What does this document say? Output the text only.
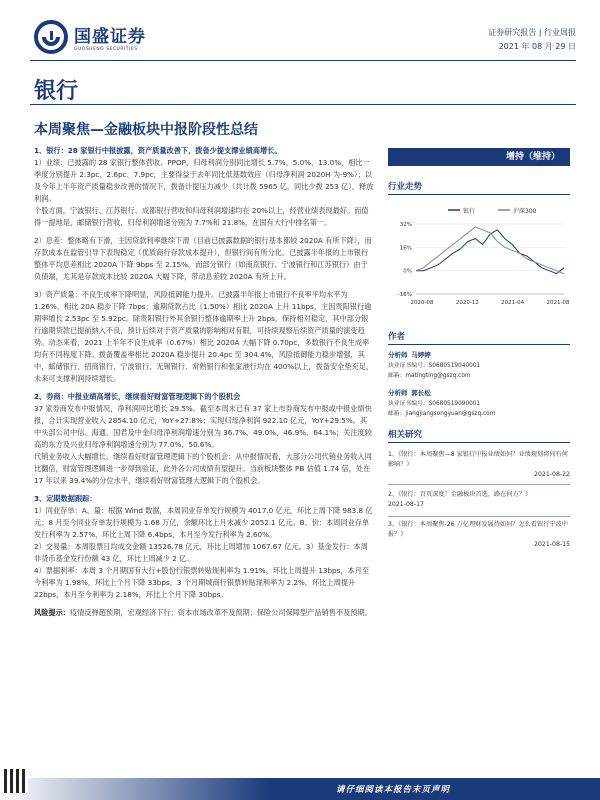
国盛证券
GUOSHENG SECURITIES
证券研究报告 | 行业周报
2021 年 08 月 29 日
银行
本周聚焦—金融板块中报阶段性总结

1、银行：28 家银行中报披露，资产质量改善下，拨备少提支撑业绩高增长。

1）业绩：已披露的 28 家银行整体营收、PPOP、归母利润分别同比增长 5.7%、5.0%、13.0%，相比一季度分别提升 2.3pc、2.6pc、7.9pc，主要得益于去年同比低基数效应（归母净利润 2020H 为-9%）；以及今年上半年资产质量稳步改善的情况下，拨备计提压力减少（共计拨 5965 亿，同比少拨 253 亿），释放利润。

个股方面，宁波银行、江苏银行、成都银行营收和归母利润增速均在 20%以上，经营业绩表现最好。而值得一提地是，邮储银行营收，归母利润增速分别为 7.7%和 21.8%，在国有大行中排名第一。

2）息差：整体略有下滑，主因贷款利率继续下滑（目前已披露数据的银行基本都较 2020A 有所下降），而存款成本在监管引导下表现稳定（优质商行存款成本提升），但银行间有所分化。已披露半年报的上市银行整体平均息差相比 2020A 下降 9bps 至 2.15%。而部分银行（如南京银行、宁波银行和江苏银行）由于负债端，尤其是存款成本比较 2020A 大幅下降，带动息差较 2020A 有所上升。

3）资产质量：不良生成率下降明显，风险抵御能力提升。已披露半年报上市银行不良率平均水平为 1.26%，相比 20A 稳步下降 7bps；逾期贷款占比（1.50%）相比 2020A 上升 11bps，主因贵阳银行逾期率增长 2.53pc 至 5.92pc。除贵阳银行外其余银行整体逾期率上升 2bps，保持相对稳定，其中部分银行逾期贷款已提前纳入不良，预计后续对于资产质量的影响相对有限，可持续观察后续资产质量的演变趋势。动态来看，2021 上半年不良生成率（0.67%）相比 2020A 大幅下降 0.70pc，多数银行不良生成率均有不同程度下降。拨备覆盖率相比 2020A 稳步提升 20.4pc 至 304.4%，风险抵御能力稳步增强，其中，邮储银行、招商银行、宁波银行、无锡银行、常熟银行和张家港行均在 400%以上，拨备安全垫充足，未来可支撑利润持续增长。

2、券商：中报业绩高增长，继续看好财富管理逻辑下的个股机会

37 家券商发布中报情况，净利润同比增长 29.5%。截至本周末已有 37 家上市券商发布中报或中报业绩快报，合计实现营业收入 2854.10 亿元，YoY+27.8%；实现归母净利润 922.10 亿元，YoY+29.5%。其中头部公司中信、海通、国君及中金归母净利润增速分别为 36.7%、49.0%、46.9%、64.1%；关注度较高的东方及兴业归母净利润增速分别为 77.0%、50.6%。

代销业务收入大幅增长，继续看好财富管理逻辑下的个股机会：从中报情况看，大部分公司代销业务收入同比翻倍，财富管理逻辑进一步得到验证，此外各公司成绩有望提升。当前板块整体 PB 估值 1.74 倍，处在 17 年以来 39.4%的分位水平，继续看好财富管理大逻辑下的个股机会。

3、定期数据跟踪：

1）同业存单：A、量：根据 Wind 数据，本周同业存单发行规模为 4017.0 亿元，环比上周下降 983.8 亿元；8 月至今同业存单发行规模为 1.68 万亿，余额环比上月末减少 2052.1 亿元。B、价：本周同业存单发行利率为 2.57%，环比上周下降 6.4bps，本月至今发行利率为 2.60%。

2）交易量：本周股票日均成交金额 13526.78 亿元，环比上周增加 1067.67 亿元。3）基金发行：本周非货币基金发行份额 43 亿，环比上周减少 2 亿。

4）票据利率：本周 3 个月期国有大行+股份行银票转贴现利率为 1.91%，环比上周提升 13bps，本月至今利率为 1.98%，环比上个月下降 33bps。3 个月期城商行银票转贴现利率为 2.2%，环比上周提升 22bps，本月至今利率为 2.18%，环比上个月下降 30bps。

风险提示：疫情反弹超预期，宏观经济下行；资本市场改革不及预期；保险公司保障型产品销售不及预期。

增持（维持）
行业走势
银行	沪深300
32%
16%
0%
-16%
2020-08	2020-12	2021-04	2021-08
作者
分析师 马婷婷
执业证书编号：S0680519040001
邮箱：matingting@gszq.com
分析师 郭长松
执业证书编号：S0680519090001
邮箱：jiangjiangsongyuan@gszq.com
相关研究
1、《银行：本周聚焦—8 家银行中报业绩如何？业绩规划将何有何影响？》
2021-08-22
2、《银行：百页深度！金融板块首选，路在何方？》
2021-08-17
3、《银行：本周聚焦-26 万亿理财发展待如何？怎么看银行宁波中报？》
2021-08-15
请仔细阅读本报告末页声明
